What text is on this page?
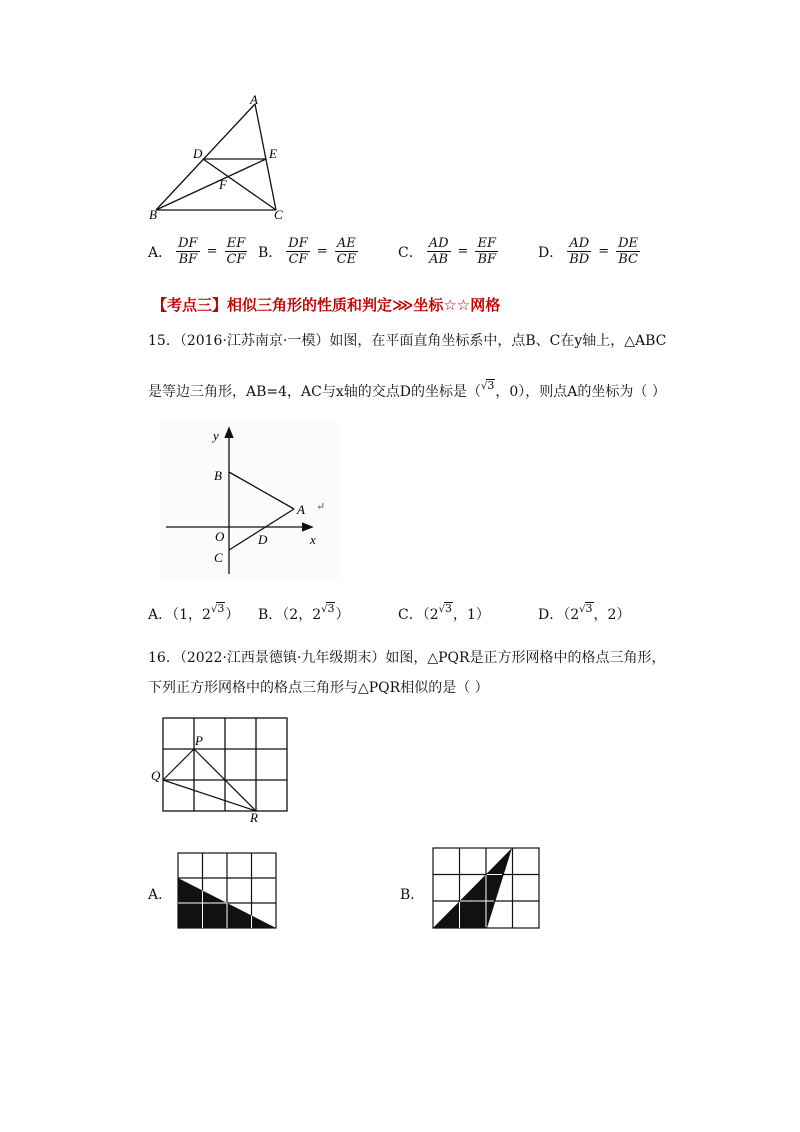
A
D	E
F
B	C
A． $\frac{DF}{BF} = \frac{EF}{CF}$ B． $\frac{DF}{CF} = \frac{AE}{CE}$	C． $\frac{AD}{AB} = \frac{EF}{BF}$	D． $\frac{AD}{BD} = \frac{DE}{BC}$
【考点三】相似三角形的性质和判定⋙坐标☆☆网格
15．（2016·江苏南京·一模）如图，在平面直角坐标系中，点B、C在y轴上，△ABC
是等边三角形，AB=4，AC与x轴的交点D的坐标是（$^{√3}$，0），则点A的坐标为（ ）
y
x
B
A ↵
O	D
C
A．（1，$2^{√3}$） B．（2，$2^{√3}$）	C．（$2^{√3}$，1）	D．（$2^{√3}$，2）
16．（2022·江西景德镇·九年级期末）如图，△PQR是正方形网格中的格点三角形，
下列正方形网格中的格点三角形与△PQR相似的是（ ）
P
Q
R
A．	B．
